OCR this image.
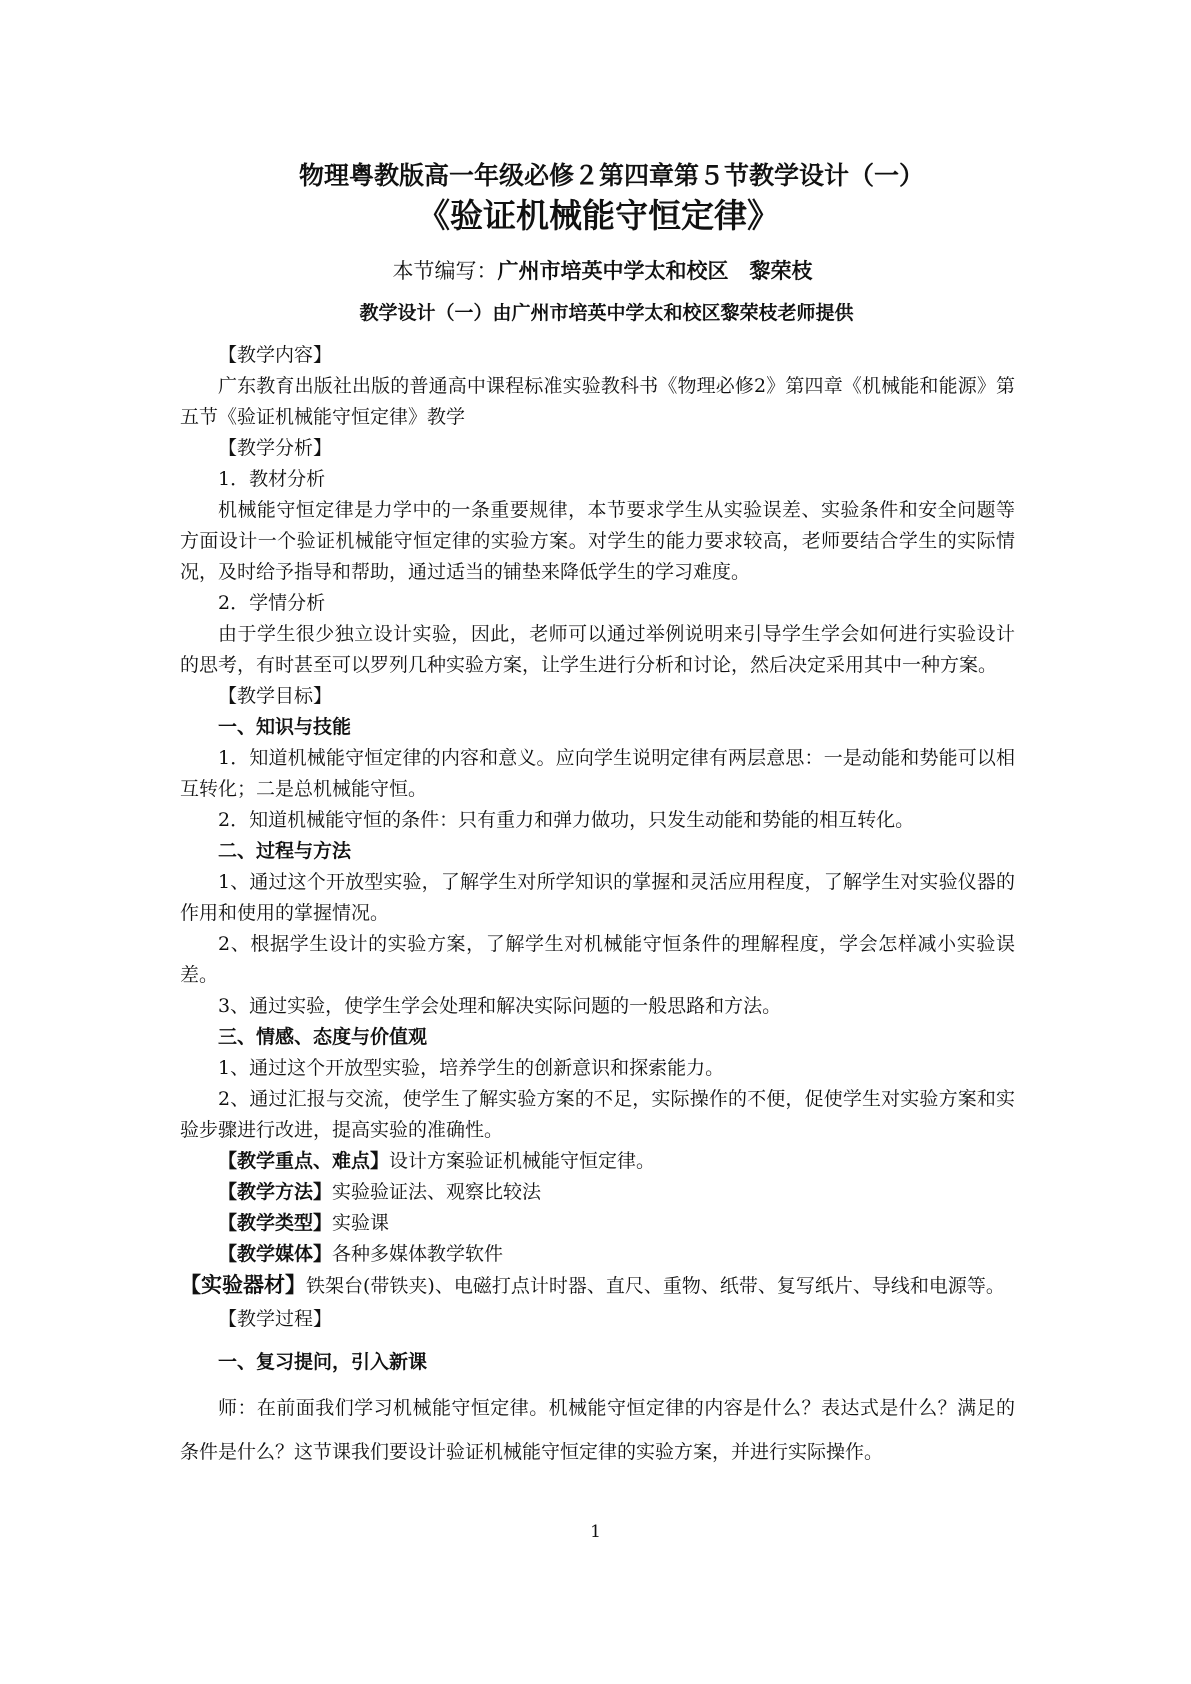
物理粤教版高一年级必修２第四章第５节教学设计（一）
《验证机械能守恒定律》
本节编写：广州市培英中学太和校区　黎荣枝
教学设计（一）由广州市培英中学太和校区黎荣枝老师提供
【教学内容】

广东教育出版社出版的普通高中课程标准实验教科书《物理必修2》第四章《机械能和能源》第五节《验证机械能守恒定律》教学

【教学分析】

1．教材分析

机械能守恒定律是力学中的一条重要规律，本节要求学生从实验误差、实验条件和安全问题等方面设计一个验证机械能守恒定律的实验方案。对学生的能力要求较高，老师要结合学生的实际情况，及时给予指导和帮助，通过适当的铺垫来降低学生的学习难度。

2．学情分析

由于学生很少独立设计实验，因此，老师可以通过举例说明来引导学生学会如何进行实验设计的思考，有时甚至可以罗列几种实验方案，让学生进行分析和讨论，然后决定采用其中一种方案。

【教学目标】
一、知识与技能

1．知道机械能守恒定律的内容和意义。应向学生说明定律有两层意思：一是动能和势能可以相互转化；二是总机械能守恒。

2．知道机械能守恒的条件：只有重力和弹力做功，只发生动能和势能的相互转化。

二、过程与方法

1、通过这个开放型实验，了解学生对所学知识的掌握和灵活应用程度，了解学生对实验仪器的作用和使用的掌握情况。

2、根据学生设计的实验方案，了解学生对机械能守恒条件的理解程度，学会怎样减小实验误差。

3、通过实验，使学生学会处理和解决实际问题的一般思路和方法。

三、情感、态度与价值观

1、通过这个开放型实验，培养学生的创新意识和探索能力。

2、通过汇报与交流，使学生了解实验方案的不足，实际操作的不便，促使学生对实验方案和实验步骤进行改进，提高实验的准确性。

【教学重点、难点】设计方案验证机械能守恒定律。
【教学方法】实验验证法、观察比较法
【教学类型】实验课
【教学媒体】各种多媒体教学软件
【实验器材】铁架台(带铁夹)、电磁打点计时器、直尺、重物、纸带、复写纸片、导线和电源等。
【教学过程】
一、复习提问，引入新课

师：在前面我们学习机械能守恒定律。机械能守恒定律的内容是什么？表达式是什么？满足的条件是什么？这节课我们要设计验证机械能守恒定律的实验方案，并进行实际操作。

1
